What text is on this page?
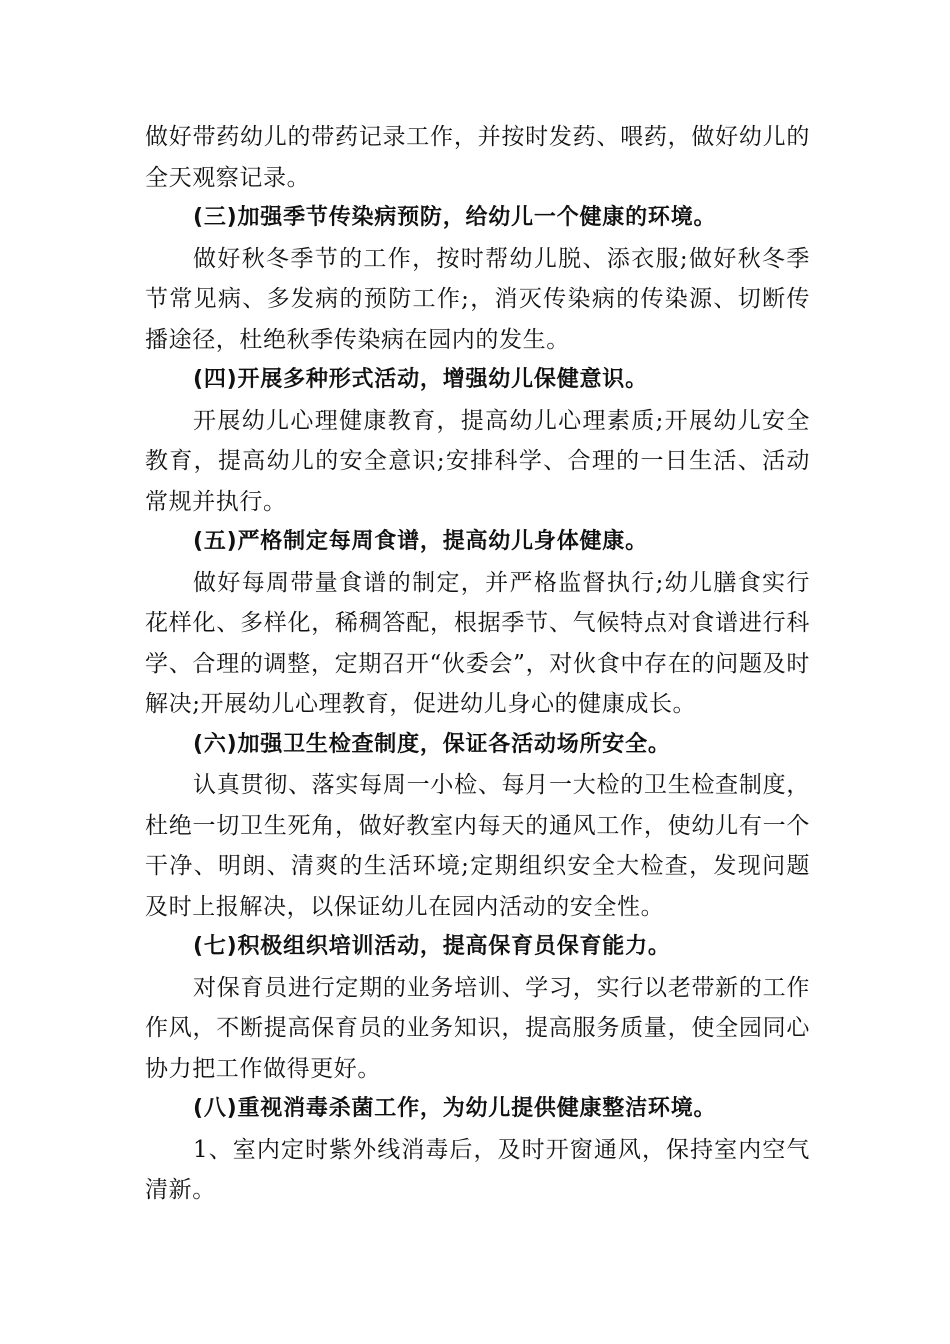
做好带药幼儿的带药记录工作，并按时发药、喂药，做好幼儿的全天观察记录。

(三)加强季节传染病预防，给幼儿一个健康的环境。

做好秋冬季节的工作，按时帮幼儿脱、添衣服;做好秋冬季节常见病、多发病的预防工作;，消灭传染病的传染源、切断传播途径，杜绝秋季传染病在园内的发生。

(四)开展多种形式活动，增强幼儿保健意识。

开展幼儿心理健康教育，提高幼儿心理素质;开展幼儿安全教育，提高幼儿的安全意识;安排科学、合理的一日生活、活动常规并执行。

(五)严格制定每周食谱，提高幼儿身体健康。

做好每周带量食谱的制定，并严格监督执行;幼儿膳食实行花样化、多样化，稀稠答配，根据季节、气候特点对食谱进行科学、合理的调整，定期召开“伙委会”，对伙食中存在的问题及时解决;开展幼儿心理教育，促进幼儿身心的健康成长。

(六)加强卫生检查制度，保证各活动场所安全。

认真贯彻、落实每周一小检、每月一大检的卫生检查制度，杜绝一切卫生死角，做好教室内每天的通风工作，使幼儿有一个干净、明朗、清爽的生活环境;定期组织安全大检查，发现问题及时上报解决，以保证幼儿在园内活动的安全性。

(七)积极组织培训活动，提高保育员保育能力。

对保育员进行定期的业务培训、学习，实行以老带新的工作作风，不断提高保育员的业务知识，提高服务质量，使全园同心协力把工作做得更好。

(八)重视消毒杀菌工作，为幼儿提供健康整洁环境。

1、室内定时紫外线消毒后，及时开窗通风，保持室内空气清新。
